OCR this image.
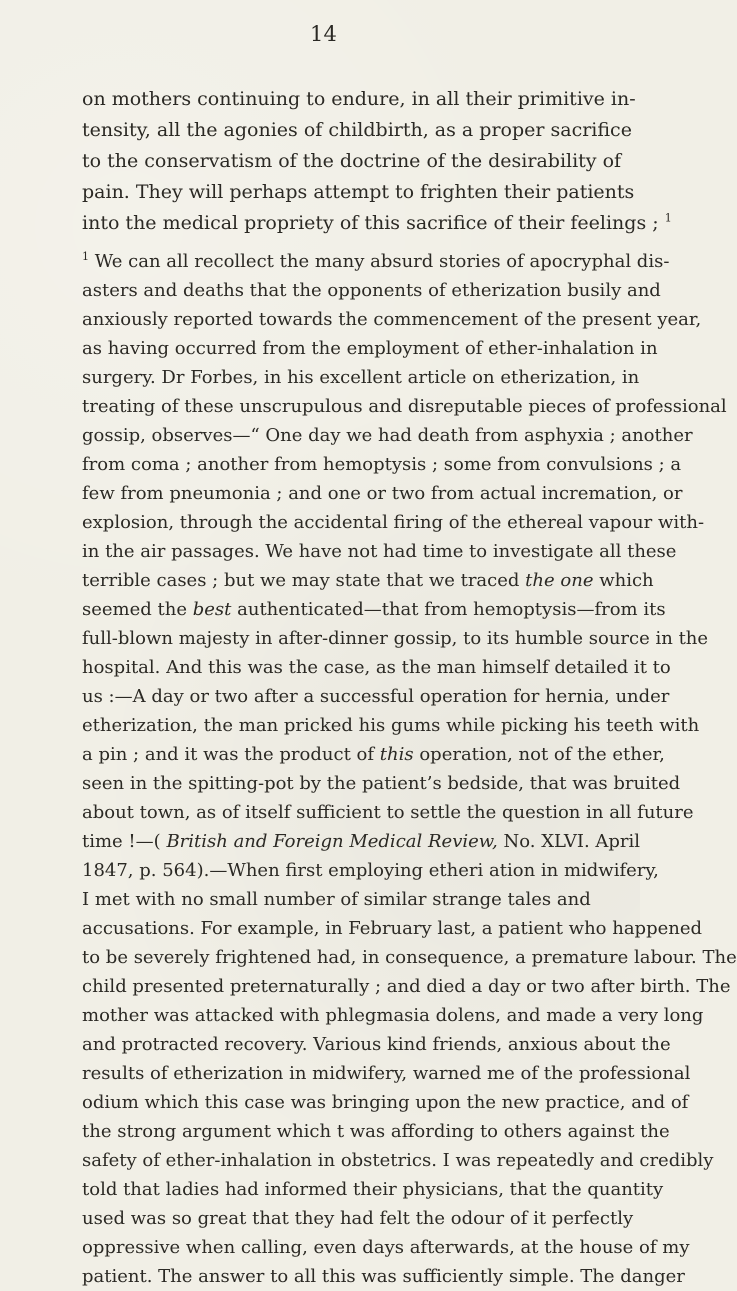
14
on mothers continuing to endure, in all their primitive in-
tensity, all the agonies of childbirth, as a proper sacrifice
to the conservatism of the doctrine of the desirability of
pain. They will perhaps attempt to frighten their patients
into the medical propriety of this sacrifice of their feelings ; $^1$
$^1$ We can all recollect the many absurd stories of apocryphal dis-
asters and deaths that the opponents of etherization busily and
anxiously reported towards the commencement of the present year,
as having occurred from the employment of ether-inhalation in
surgery. Dr Forbes, in his excellent article on etherization, in
treating of these unscrupulous and disreputable pieces of professional
gossip, observes—“ One day we had death from asphyxia ; another
from coma ; another from hemoptysis ; some from convulsions ; a
few from pneumonia ; and one or two from actual incremation, or
explosion, through the accidental firing of the ethereal vapour with-
in the air passages. We have not had time to investigate all these
terrible cases ; but we may state that we traced the one which
seemed the best authenticated—that from hemoptysis—from its
full-blown majesty in after-dinner gossip, to its humble source in the
hospital. And this was the case, as the man himself detailed it to
us :—A day or two after a successful operation for hernia, under
etherization, the man pricked his gums while picking his teeth with
a pin ; and it was the product of this operation, not of the ether,
seen in the spitting-pot by the patient’s bedside, that was bruited
about town, as of itself sufficient to settle the question in all future
time !—( British and Foreign Medical Review, No. XLVI. April
1847, p. 564).—When first employing etheri ation in midwifery,
I met with no small number of similar strange tales and
accusations. For example, in February last, a patient who happened
to be severely frightened had, in consequence, a premature labour. The
child presented preternaturally ; and died a day or two after birth. The
mother was attacked with phlegmasia dolens, and made a very long
and protracted recovery. Various kind friends, anxious about the
results of etherization in midwifery, warned me of the professional
odium which this case was bringing upon the new practice, and of
the strong argument which t was affording to others against the
safety of ether-inhalation in obstetrics. I was repeatedly and credibly
told that ladies had informed their physicians, that the quantity
used was so great that they had felt the odour of it perfectly
oppressive when calling, even days afterwards, at the house of my
patient. The answer to all this was sufficiently simple. The danger
